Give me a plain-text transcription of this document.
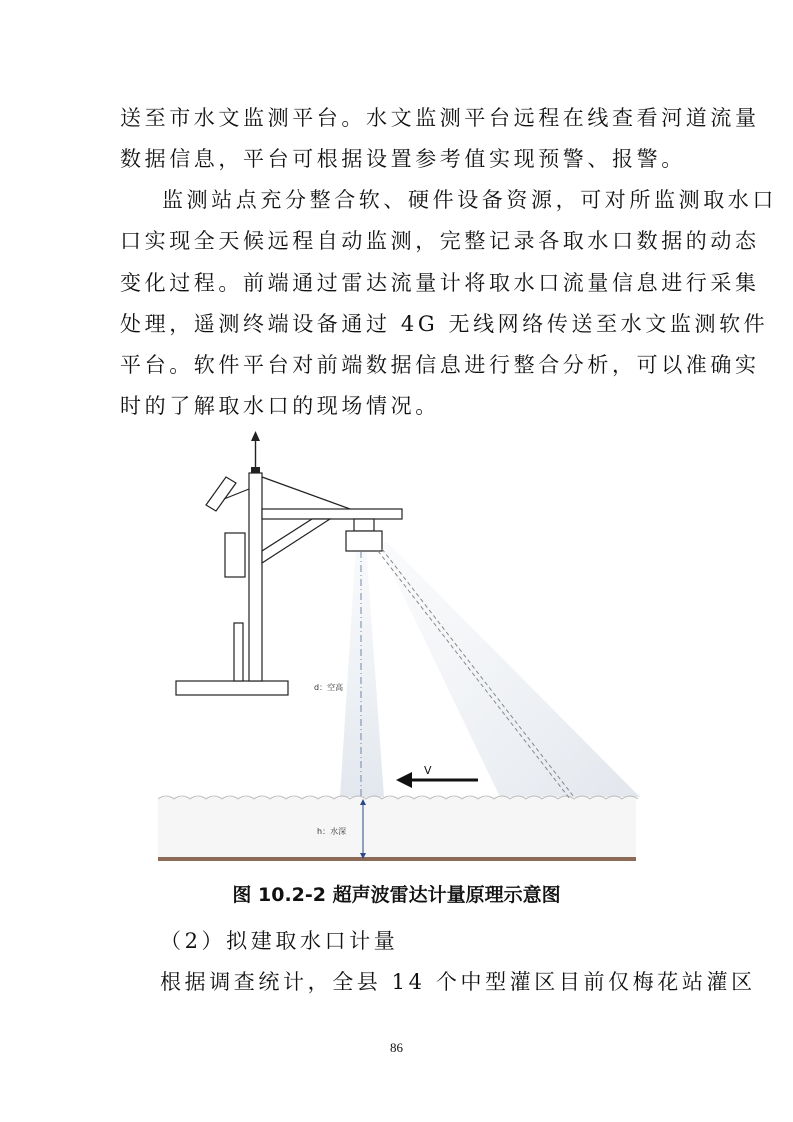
送至市水文监测平台。水文监测平台远程在线查看河道流量
数据信息，平台可根据设置参考值实现预警、报警。
监测站点充分整合软、硬件设备资源，可对所监测取水口
口实现全天候远程自动监测，完整记录各取水口数据的动态
变化过程。前端通过雷达流量计将取水口流量信息进行采集
处理，遥测终端设备通过 4G 无线网络传送至水文监测软件
平台。软件平台对前端数据信息进行整合分析，可以准确实
时的了解取水口的现场情况。
d：空高
h：水深
V
图 10.2-2 超声波雷达计量原理示意图
（2）拟建取水口计量
根据调查统计，全县 14 个中型灌区目前仅梅花站灌区
86
